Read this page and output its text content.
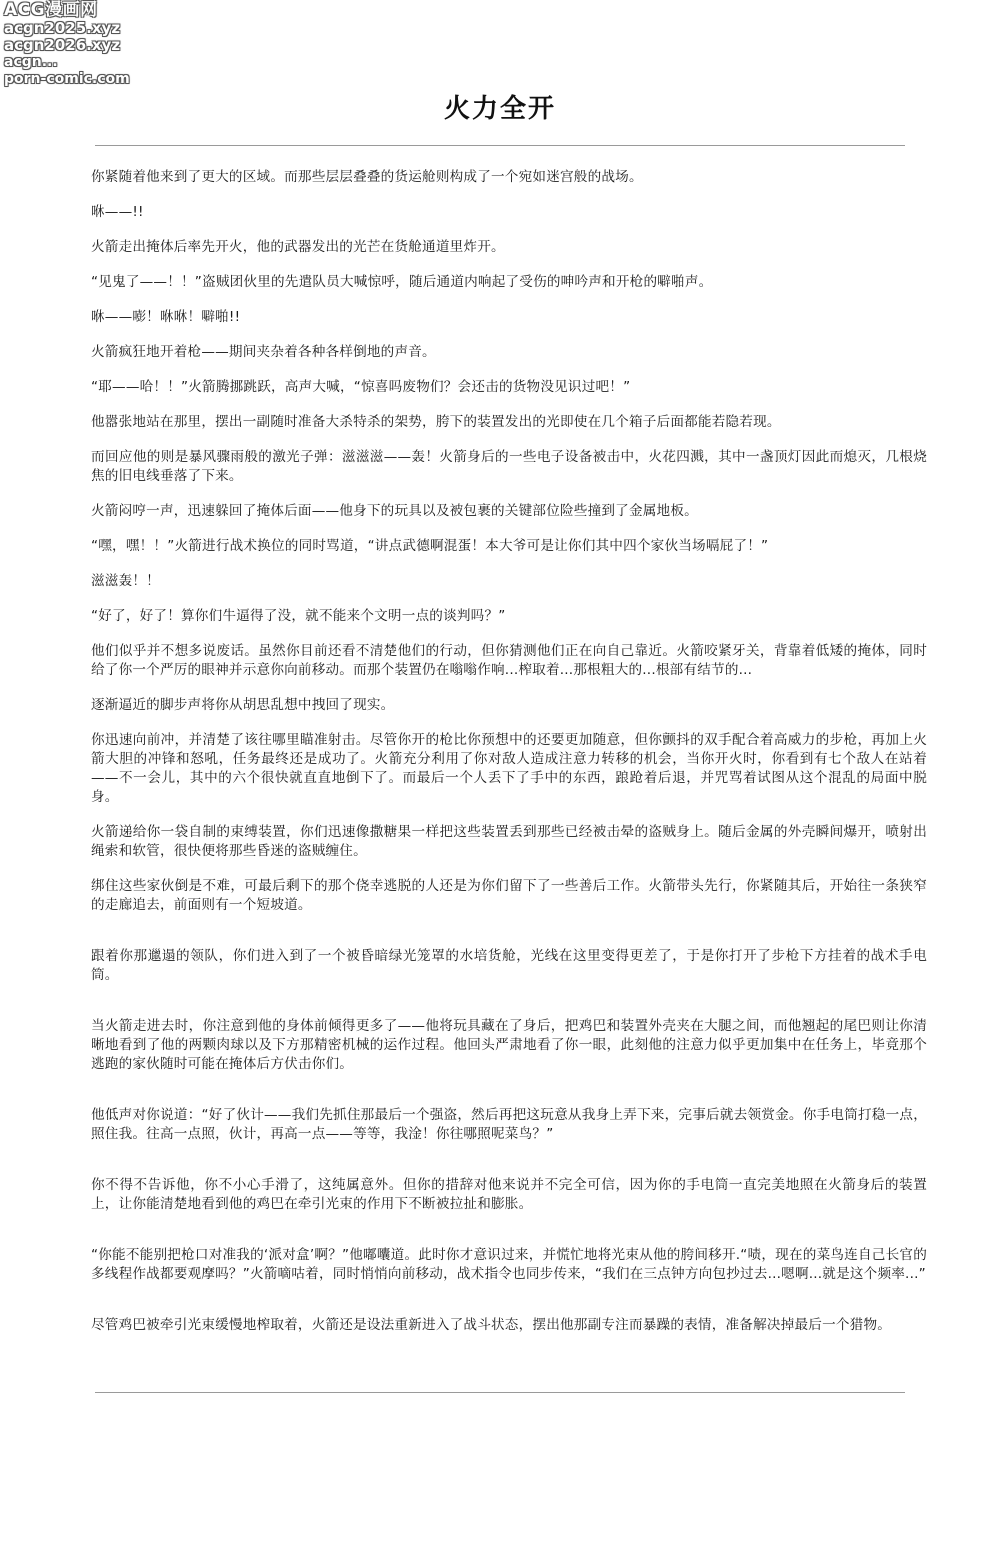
ACG漫画网
acgn2025.xyz
acgn2026.xyz
acgn...
porn-comic.com
火力全开

你紧随着他来到了更大的区域。而那些层层叠叠的货运舱则构成了一个宛如迷宫般的战场。

咻——!!

火箭走出掩体后率先开火，他的武器发出的光芒在货舱通道里炸开。

“见鬼了——！！”盗贼团伙里的先遣队员大喊惊呼，随后通道内响起了受伤的呻吟声和开枪的噼啪声。

咻——嘭！咻咻！噼啪!!

火箭疯狂地开着枪——期间夹杂着各种各样倒地的声音。

“耶——哈！！”火箭腾挪跳跃，高声大喊，“惊喜吗废物们？会还击的货物没见识过吧！”

他嚣张地站在那里，摆出一副随时准备大杀特杀的架势，胯下的装置发出的光即使在几个箱子后面都能若隐若现。

而回应他的则是暴风骤雨般的激光子弹：滋滋滋——轰！火箭身后的一些电子设备被击中，火花四溅，其中一盏顶灯因此而熄灭，几根烧焦的旧电线垂落了下来。

火箭闷哼一声，迅速躲回了掩体后面——他身下的玩具以及被包裹的关键部位险些撞到了金属地板。

“嘿，嘿！！”火箭进行战术换位的同时骂道，“讲点武德啊混蛋！本大爷可是让你们其中四个家伙当场嗝屁了！”

滋滋轰！！

“好了，好了！算你们牛逼得了没，就不能来个文明一点的谈判吗？”

他们似乎并不想多说废话。虽然你目前还看不清楚他们的行动，但你猜测他们正在向自己靠近。火箭咬紧牙关，背靠着低矮的掩体，同时给了你一个严厉的眼神并示意你向前移动。而那个装置仍在嗡嗡作响...榨取着...那根粗大的...根部有结节的...

逐渐逼近的脚步声将你从胡思乱想中拽回了现实。

你迅速向前冲，并清楚了该往哪里瞄准射击。尽管你开的枪比你预想中的还要更加随意，但你颤抖的双手配合着高威力的步枪，再加上火箭大胆的冲锋和怒吼，任务最终还是成功了。火箭充分利用了你对敌人造成注意力转移的机会，当你开火时，你看到有七个敌人在站着——不一会儿，其中的六个很快就直直地倒下了。而最后一个人丢下了手中的东西，踉跄着后退，并咒骂着试图从这个混乱的局面中脱身。

火箭递给你一袋自制的束缚装置，你们迅速像撒糖果一样把这些装置丢到那些已经被击晕的盗贼身上。随后金属的外壳瞬间爆开，喷射出绳索和软管，很快便将那些昏迷的盗贼缠住。

绑住这些家伙倒是不难，可最后剩下的那个侥幸逃脱的人还是为你们留下了一些善后工作。火箭带头先行，你紧随其后，开始往一条狭窄的走廊追去，前面则有一个短坡道。

跟着你那邋遢的领队，你们进入到了一个被昏暗绿光笼罩的水培货舱，光线在这里变得更差了，于是你打开了步枪下方挂着的战术手电筒。

当火箭走进去时，你注意到他的身体前倾得更多了——他将玩具藏在了身后，把鸡巴和装置外壳夹在大腿之间，而他翘起的尾巴则让你清晰地看到了他的两颗肉球以及下方那精密机械的运作过程。他回头严肃地看了你一眼，此刻他的注意力似乎更加集中在任务上，毕竟那个逃跑的家伙随时可能在掩体后方伏击你们。

他低声对你说道：“好了伙计——我们先抓住那最后一个强盗，然后再把这玩意从我身上弄下来，完事后就去领赏金。你手电筒打稳一点，照住我。往高一点照，伙计，再高一点——等等，我淦！你往哪照呢菜鸟？”

你不得不告诉他，你不小心手滑了，这纯属意外。但你的措辞对他来说并不完全可信，因为你的手电筒一直完美地照在火箭身后的装置上，让你能清楚地看到他的鸡巴在牵引光束的作用下不断被拉扯和膨胀。

“你能不能别把枪口对准我的‘派对盒’啊？”他嘟囔道。此时你才意识过来，并慌忙地将光束从他的胯间移开.“啧，现在的菜鸟连自己长官的多线程作战都要观摩吗？”火箭嘀咕着，同时悄悄向前移动，战术指令也同步传来，“我们在三点钟方向包抄过去...嗯啊...就是这个频率...”

尽管鸡巴被牵引光束缓慢地榨取着，火箭还是设法重新进入了战斗状态，摆出他那副专注而暴躁的表情，准备解决掉最后一个猎物。
